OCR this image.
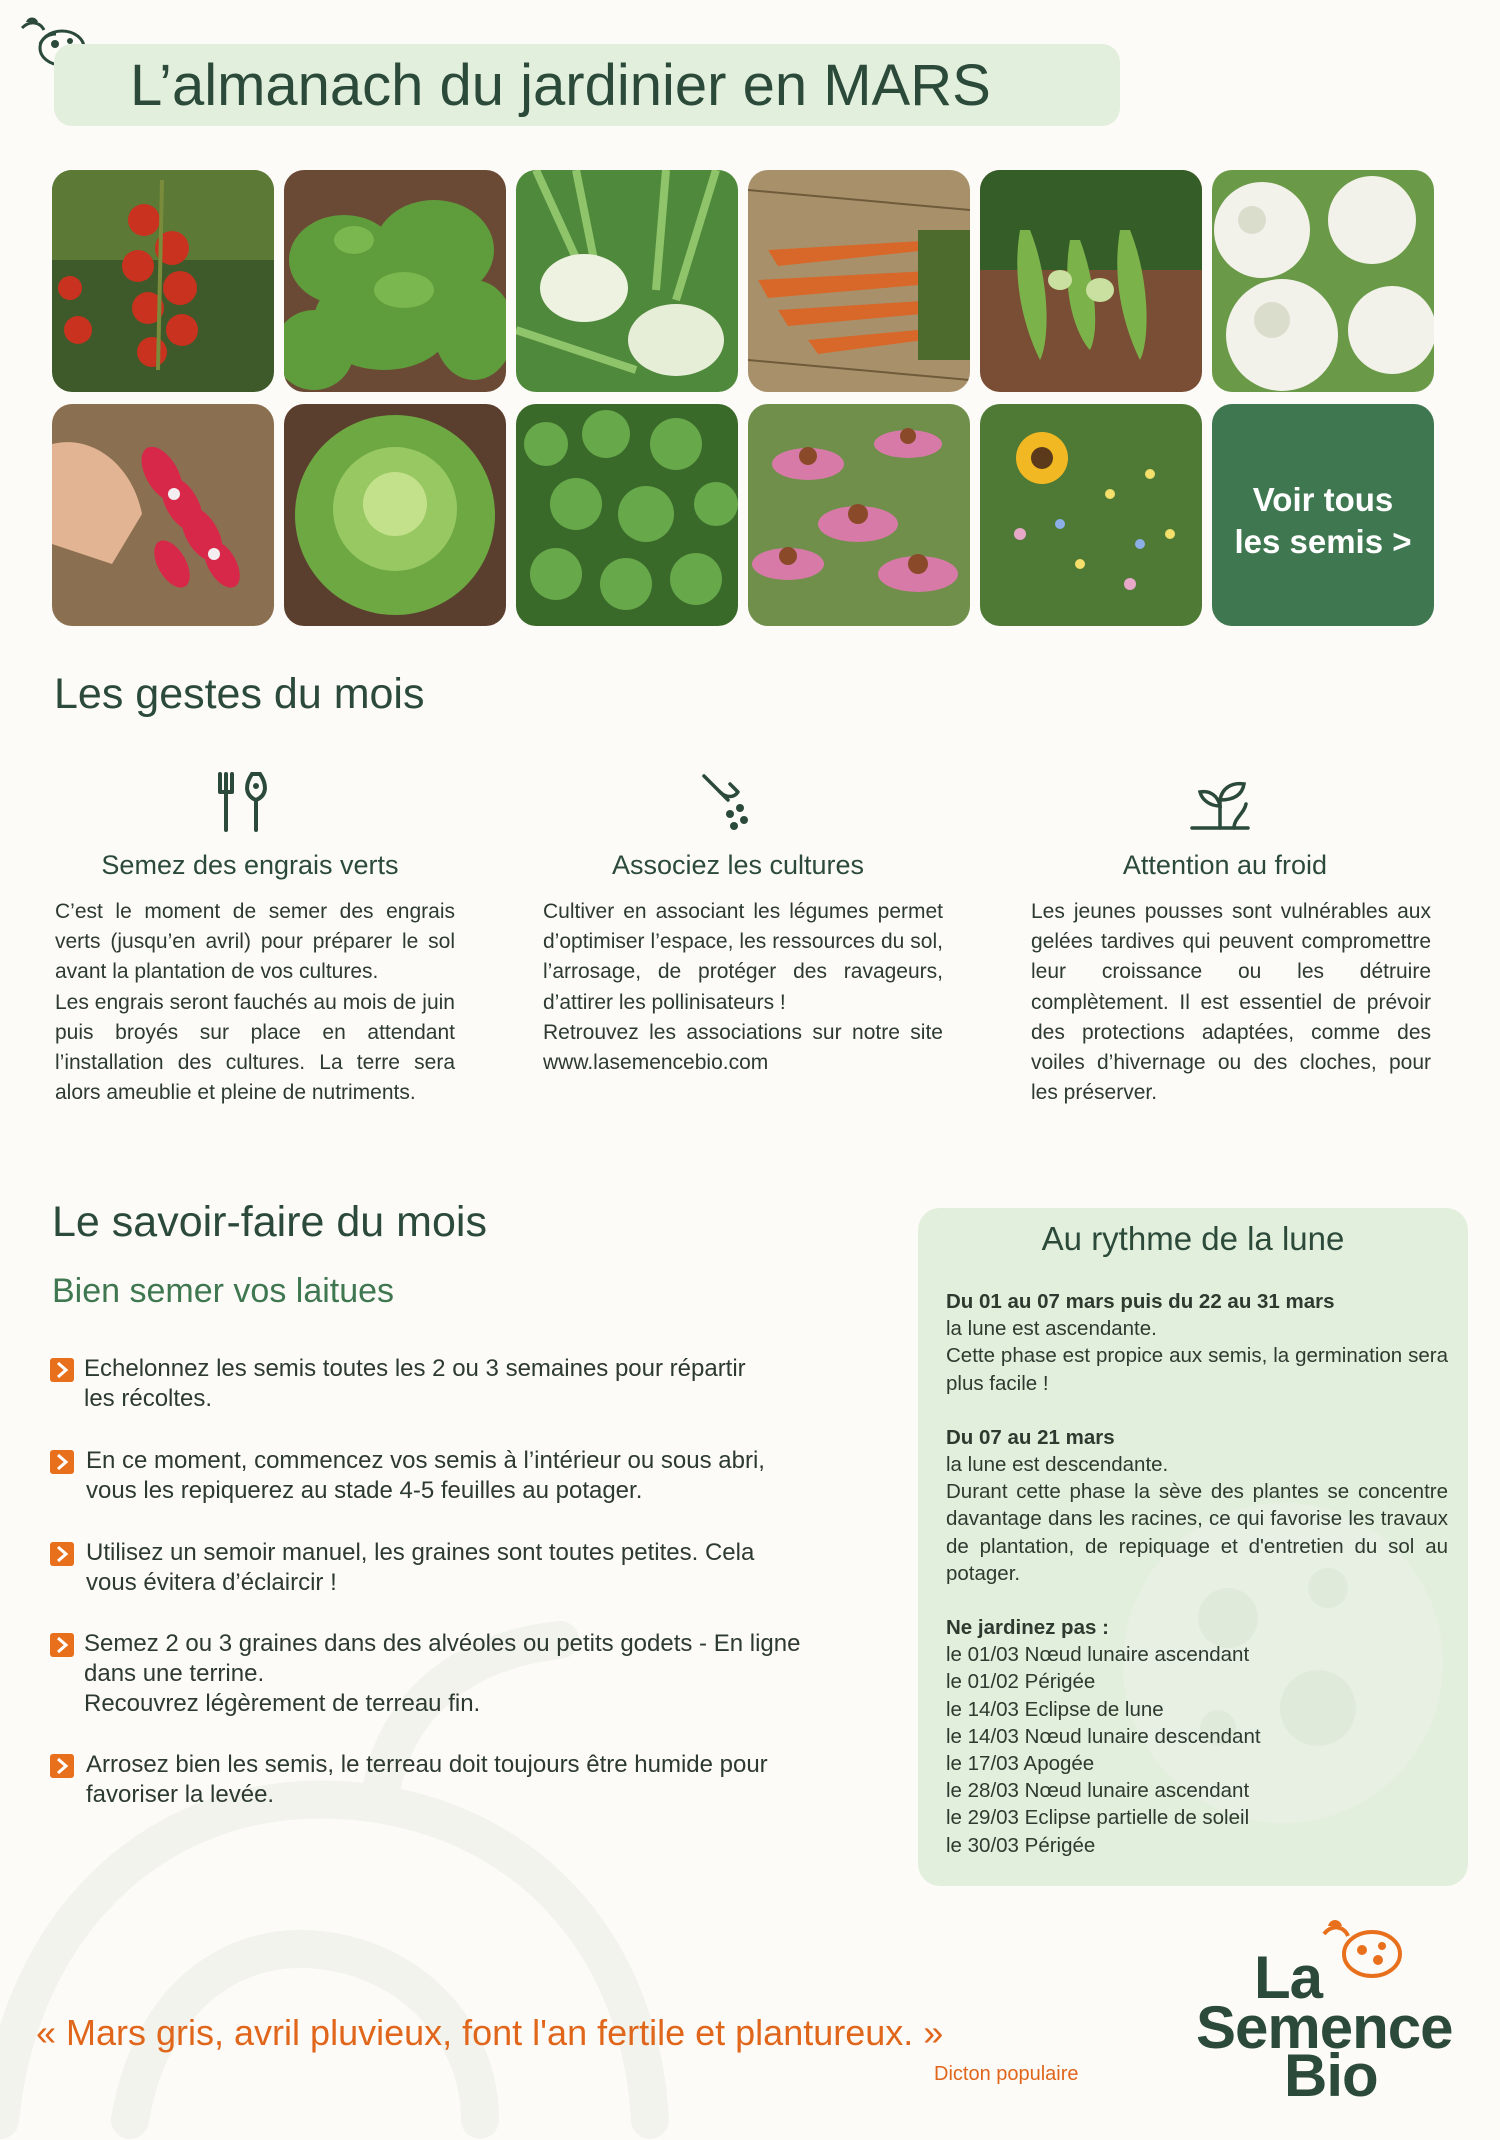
L’almanach du jardinier en MARS
Voir tous
les semis >
Les gestes du mois
Semez des engrais verts

C’est le moment de semer des engrais verts (jusqu’en avril) pour préparer le sol avant la plantation de vos cultures.

Les engrais seront fauchés au mois de juin puis broyés sur place en attendant l’installation des cultures. La terre sera alors ameublie et pleine de nutriments.

Associez les cultures

Cultiver en associant les légumes permet d’optimiser l’espace, les ressources du sol, l’arrosage, de protéger des ravageurs, d’attirer les pollinisateurs !

Retrouvez les associations sur notre site www.lasemencebio.com

Attention au froid

Les jeunes pousses sont vulnérables aux gelées tardives qui peuvent compromettre leur croissance ou les détruire complètement. Il est essentiel de prévoir des protections adaptées, comme des voiles d’hivernage ou des cloches, pour les préserver.

Le savoir-faire du mois
Bien semer vos laitues
Echelonnez les semis toutes les 2 ou 3 semaines pour répartir
les récoltes.
En ce moment, commencez vos semis à l’intérieur ou sous abri,
vous les repiquerez au stade 4-5 feuilles au potager.
Utilisez un semoir manuel, les graines sont toutes petites. Cela
vous évitera d’éclaircir !
Semez 2 ou 3 graines dans des alvéoles ou petits godets - En ligne
dans une terrine.
Recouvrez légèrement de terreau fin.
Arrosez bien les semis, le terreau doit toujours être humide pour
favoriser la levée.
Au rythme de la lune
Du 01 au 07 mars puis du 22 au 31 mars
la lune est ascendante.
Cette phase est propice aux semis, la germination sera plus facile !
Du 07 au 21 mars
la lune est descendante.
Durant cette phase la sève des plantes se concentre davantage dans les racines, ce qui favorise les travaux de plantation, de repiquage et d'entretien du sol au potager.
Ne jardinez pas :
le 01/03 Nœud lunaire ascendant
le 01/02 Périgée
le 14/03 Eclipse de lune
le 14/03 Nœud lunaire descendant
le 17/03 Apogée
le 28/03 Nœud lunaire ascendant
le 29/03 Eclipse partielle de soleil
le 30/03 Périgée

« Mars gris, avril pluvieux, font l'an fertile et plantureux. »

Dicton populaire
La
Semence
Bio
